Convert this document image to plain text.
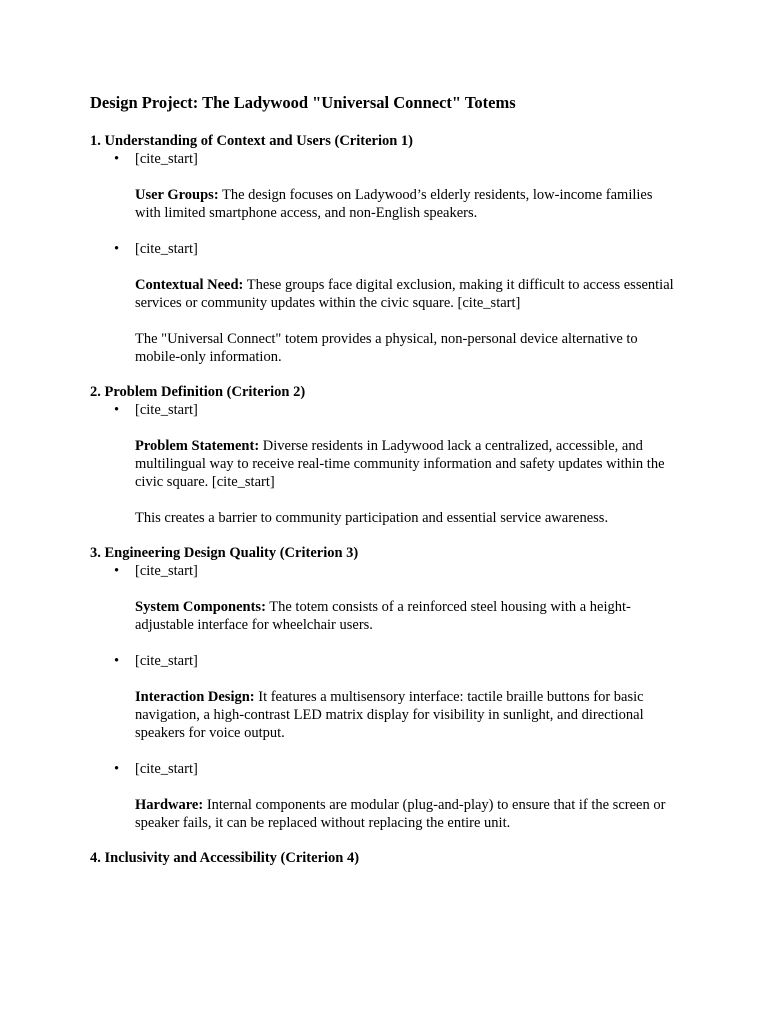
Design Project: The Ladywood "Universal Connect" Totems
1. Understanding of Context and Users (Criterion 1)
• [cite_start]

User Groups: The design focuses on Ladywood’s elderly residents, low-income families with limited smartphone access, and non-English speakers.

• [cite_start]

Contextual Need: These groups face digital exclusion, making it difficult to access essential services or community updates within the civic square. [cite_start]

The "Universal Connect" totem provides a physical, non-personal device alternative to mobile-only information.

2. Problem Definition (Criterion 2)
• [cite_start]

Problem Statement: Diverse residents in Ladywood lack a centralized, accessible, and multilingual way to receive real-time community information and safety updates within the civic square. [cite_start]

This creates a barrier to community participation and essential service awareness.

3. Engineering Design Quality (Criterion 3)
• [cite_start]

System Components: The totem consists of a reinforced steel housing with a height-adjustable interface for wheelchair users.

• [cite_start]

Interaction Design: It features a multisensory interface: tactile braille buttons for basic navigation, a high-contrast LED matrix display for visibility in sunlight, and directional speakers for voice output.

• [cite_start]

Hardware: Internal components are modular (plug-and-play) to ensure that if the screen or speaker fails, it can be replaced without replacing the entire unit.

4. Inclusivity and Accessibility (Criterion 4)
